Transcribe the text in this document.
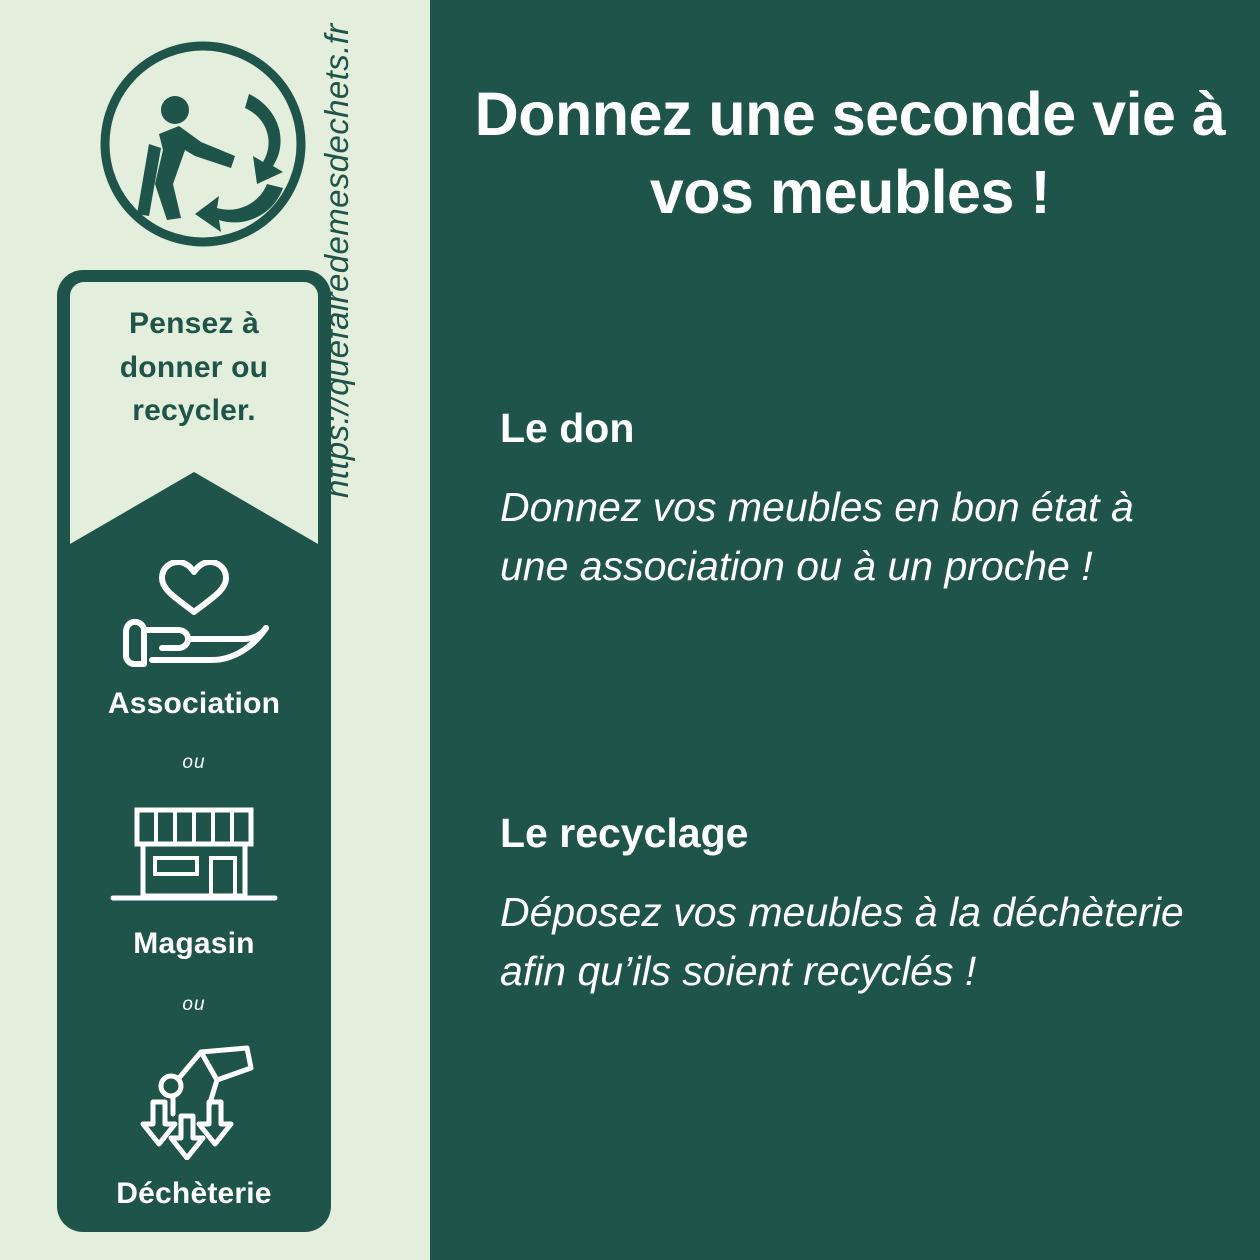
Pensez à
donner ou
recycler.
Association
ou
Magasin
ou
Déchèterie
https://quefairedemesdechets.fr	Donnez une seconde vie à vos meubles !
Le don
Donnez vos meubles en bon état à une association ou à un proche !
Le recyclage
Déposez vos meubles à la déchèterie afin qu’ils soient recyclés !
